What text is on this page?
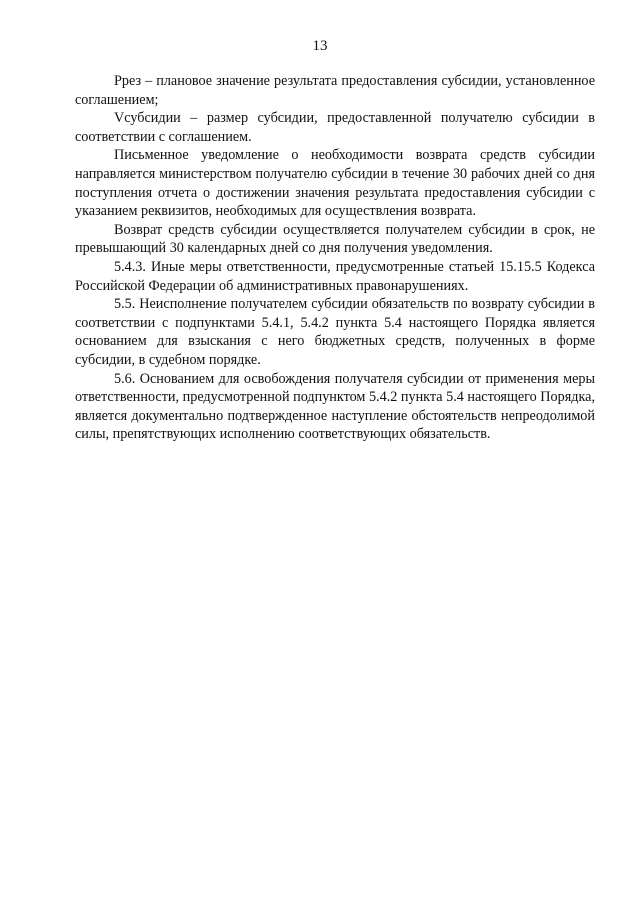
13

Pрез – плановое значение результата предоставления субсидии, установленное соглашением;

Vсубсидии – размер субсидии, предоставленной получателю субсидии в соответствии с соглашением.

Письменное уведомление о необходимости возврата средств субсидии направляется министерством получателю субсидии в течение 30 рабочих дней со дня поступления отчета о достижении значения результата предоставления субсидии с указанием реквизитов, необходимых для осуществления возврата.

Возврат средств субсидии осуществляется получателем субсидии в срок, не превышающий 30 календарных дней со дня получения уведомления.

5.4.3. Иные меры ответственности, предусмотренные статьей 15.15.5 Кодекса Российской Федерации об административных правонарушениях.

5.5. Неисполнение получателем субсидии обязательств по возврату субсидии в соответствии с подпунктами 5.4.1, 5.4.2 пункта 5.4 настоящего Порядка является основанием для взыскания с него бюджетных средств, полученных в форме субсидии, в судебном порядке.

5.6. Основанием для освобождения получателя субсидии от применения меры ответственности, предусмотренной подпунктом 5.4.2 пункта 5.4 настоящего Порядка, является документально подтвержденное наступление обстоятельств непреодолимой силы, препятствующих исполнению соответствующих обязательств.
